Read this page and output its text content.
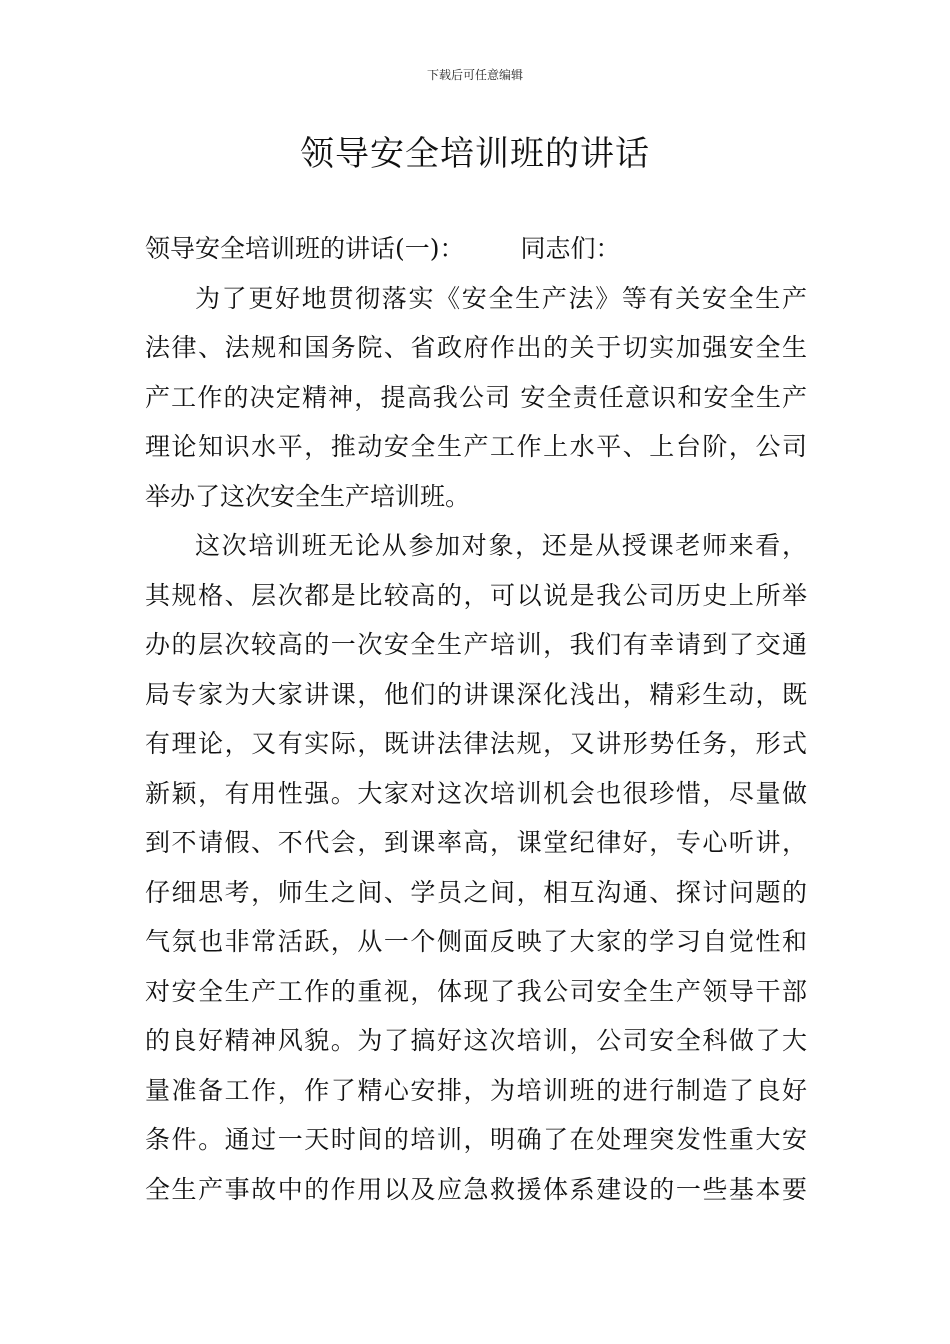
下载后可任意编辑
领导安全培训班的讲话
领导安全培训班的讲话(一)： 同志们：

为了更好地贯彻落实《安全生产法》等有关安全生产
法律、法规和国务院、省政府作出的关于切实加强安全生
产工作的决定精神，提高我公司 安全责任意识和安全生产
理论知识水平，推动安全生产工作上水平、上台阶，公司
举办了这次安全生产培训班。

这次培训班无论从参加对象，还是从授课老师来看，
其规格、层次都是比较高的，可以说是我公司历史上所举
办的层次较高的一次安全生产培训，我们有幸请到了交通
局专家为大家讲课，他们的讲课深化浅出，精彩生动，既
有理论，又有实际，既讲法律法规，又讲形势任务，形式
新颖，有用性强。大家对这次培训机会也很珍惜，尽量做
到不请假、不代会，到课率高，课堂纪律好，专心听讲，
仔细思考，师生之间、学员之间，相互沟通、探讨问题的
气氛也非常活跃，从一个侧面反映了大家的学习自觉性和
对安全生产工作的重视，体现了我公司安全生产领导干部
的良好精神风貌。为了搞好这次培训，公司安全科做了大
量准备工作，作了精心安排，为培训班的进行制造了良好
条件。通过一天时间的培训，明确了在处理突发性重大安
全生产事故中的作用以及应急救援体系建设的一些基本要
